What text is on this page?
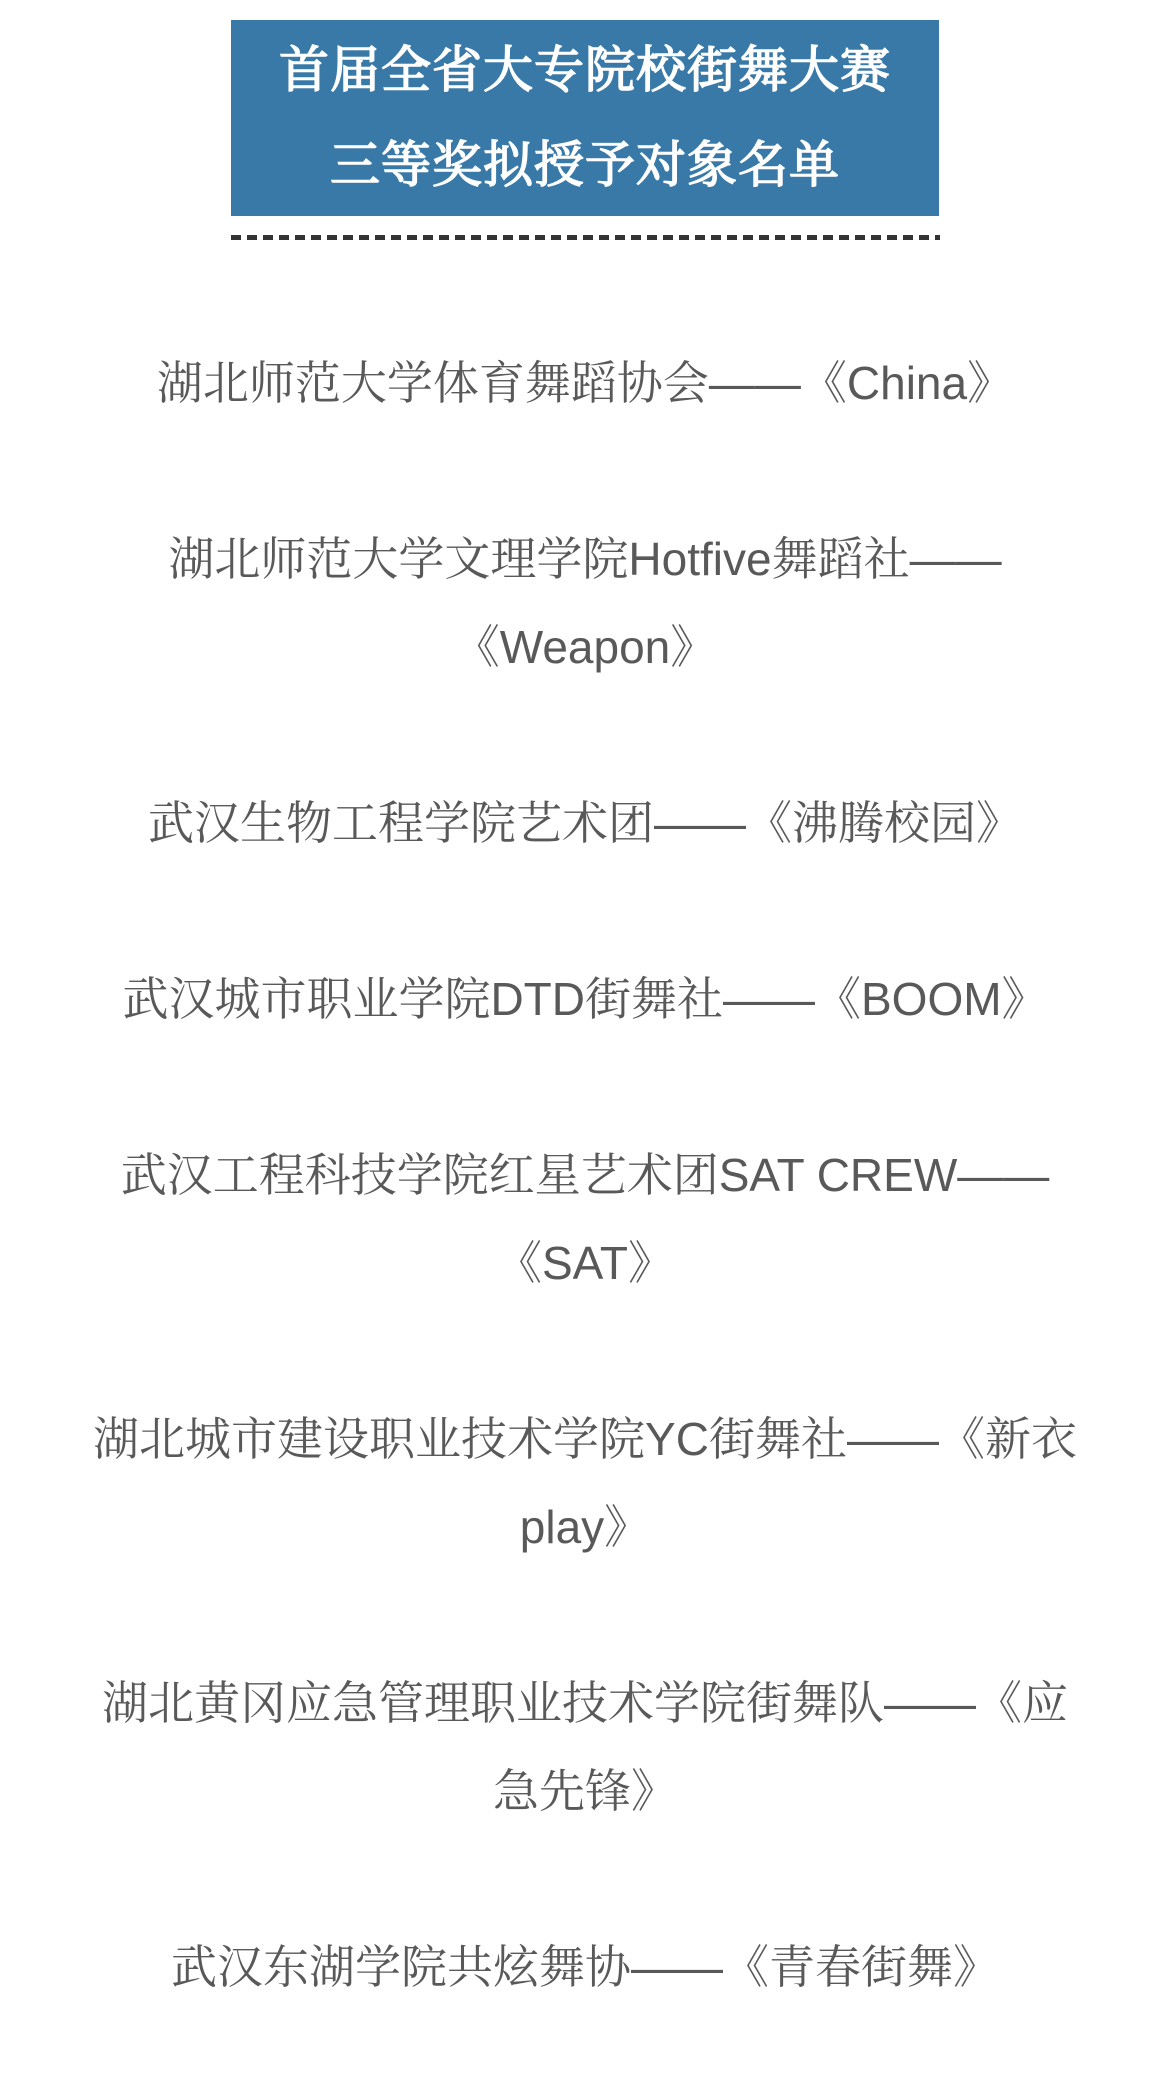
首届全省大专院校街舞大赛
三等奖拟授予对象名单

湖北师范大学体育舞蹈协会——《China》

湖北师范大学文理学院Hotfive舞蹈社——
《Weapon》

武汉生物工程学院艺术团——《沸腾校园》

武汉城市职业学院DTD街舞社——《BOOM》

武汉工程科技学院红星艺术团SAT CREW——
《SAT》

湖北城市建设职业技术学院YC街舞社——《新衣
play》

湖北黄冈应急管理职业技术学院街舞队——《应
急先锋》

武汉东湖学院共炫舞协——《青春街舞》
